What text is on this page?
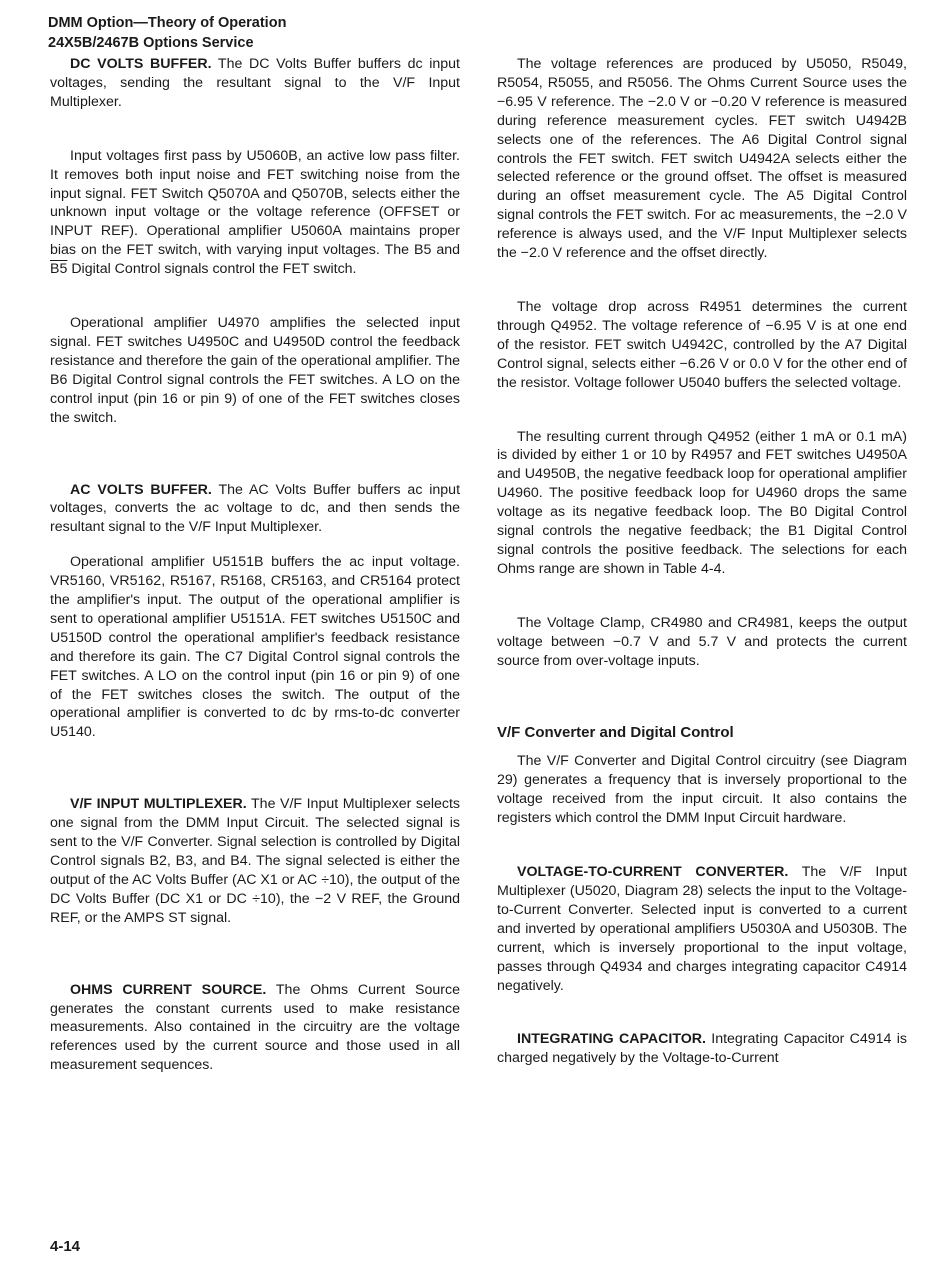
DMM Option—Theory of Operation
24X5B/2467B Options Service

DC VOLTS BUFFER. The DC Volts Buffer buffers dc input voltages, sending the resultant signal to the V/F Input Multiplexer.

Input voltages first pass by U5060B, an active low pass filter. It removes both input noise and FET switching noise from the input signal. FET Switch Q5070A and Q5070B, selects either the unknown input voltage or the voltage reference (OFFSET or INPUT REF). Operational amplifier U5060A maintains proper bias on the FET switch, with varying input voltages. The B5 and B5 Digital Control signals control the FET switch.

Operational amplifier U4970 amplifies the selected input signal. FET switches U4950C and U4950D control the feedback resistance and therefore the gain of the operational amplifier. The B6 Digital Control signal controls the FET switches. A LO on the control input (pin 16 or pin 9) of one of the FET switches closes the switch.

AC VOLTS BUFFER. The AC Volts Buffer buffers ac input voltages, converts the ac voltage to dc, and then sends the resultant signal to the V/F Input Multiplexer.

Operational amplifier U5151B buffers the ac input voltage. VR5160, VR5162, R5167, R5168, CR5163, and CR5164 protect the amplifier's input. The output of the operational amplifier is sent to operational amplifier U5151A. FET switches U5150C and U5150D control the operational amplifier's feedback resistance and therefore its gain. The C7 Digital Control signal controls the FET switches. A LO on the control input (pin 16 or pin 9) of one of the FET switches closes the switch. The output of the operational amplifier is converted to dc by rms-to-dc converter U5140.

V/F INPUT MULTIPLEXER. The V/F Input Multiplexer selects one signal from the DMM Input Circuit. The selected signal is sent to the V/F Converter. Signal selection is controlled by Digital Control signals B2, B3, and B4. The signal selected is either the output of the AC Volts Buffer (AC X1 or AC ÷10), the output of the DC Volts Buffer (DC X1 or DC ÷10), the −2 V REF, the Ground REF, or the AMPS ST signal.

OHMS CURRENT SOURCE. The Ohms Current Source generates the constant currents used to make resistance measurements. Also contained in the circuitry are the voltage references used by the current source and those used in all measurement sequences.

The voltage references are produced by U5050, R5049, R5054, R5055, and R5056. The Ohms Current Source uses the −6.95 V reference. The −2.0 V or −0.20 V reference is measured during reference measurement cycles. FET switch U4942B selects one of the references. The A6 Digital Control signal controls the FET switch. FET switch U4942A selects either the selected reference or the ground offset. The offset is measured during an offset measurement cycle. The A5 Digital Control signal controls the FET switch. For ac measurements, the −2.0 V reference is always used, and the V/F Input Multiplexer selects the −2.0 V reference and the offset directly.

The voltage drop across R4951 determines the current through Q4952. The voltage reference of −6.95 V is at one end of the resistor. FET switch U4942C, controlled by the A7 Digital Control signal, selects either −6.26 V or 0.0 V for the other end of the resistor. Voltage follower U5040 buffers the selected voltage.

The resulting current through Q4952 (either 1 mA or 0.1 mA) is divided by either 1 or 10 by R4957 and FET switches U4950A and U4950B, the negative feedback loop for operational amplifier U4960. The positive feedback loop for U4960 drops the same voltage as its negative feedback loop. The B0 Digital Control signal controls the negative feedback; the B1 Digital Control signal controls the positive feedback. The selections for each Ohms range are shown in Table 4-4.

The Voltage Clamp, CR4980 and CR4981, keeps the output voltage between −0.7 V and 5.7 V and protects the current source from over-voltage inputs.

V/F Converter and Digital Control

The V/F Converter and Digital Control circuitry (see Diagram 29) generates a frequency that is inversely proportional to the voltage received from the input circuit. It also contains the registers which control the DMM Input Circuit hardware.

VOLTAGE-TO-CURRENT CONVERTER. The V/F Input Multiplexer (U5020, Diagram 28) selects the input to the Voltage-to-Current Converter. Selected input is converted to a current and inverted by operational amplifiers U5030A and U5030B. The current, which is inversely proportional to the input voltage, passes through Q4934 and charges integrating capacitor C4914 negatively.

INTEGRATING CAPACITOR. Integrating Capacitor C4914 is charged negatively by the Voltage-to-Current

4-14
